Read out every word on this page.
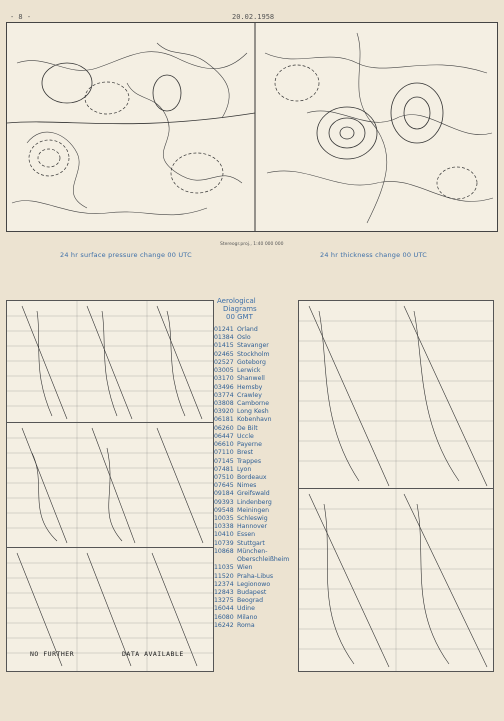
- 8 -	20.02.1958
Stereogr.proj., 1:40 000 000
24 hr surface pressure change 00 UTC	24 hr thickness change 00 UTC
NO FURTHER	DATA AVAILABLE
Aerological
Diagrams
00 GMT
01241 Orland
01384 Oslo
01415 Stavanger
02465 Stockholm
02527 Goteborg
03005 Lerwick
03170 Shanwell
03496 Hemsby
03774 Crawley
03808 Camborne
03920 Long Kesh
06181 Kobenhavn
06260 De Bilt
06447 Uccle
06610 Payerne
07110 Brest
07145 Trappes
07481 Lyon
07510 Bordeaux
07645 Nimes
09184 Greifswald
09393 Lindenberg
09548 Meiningen
10035 Schleswig
10338 Hannover
10410 Essen
10739 Stuttgart
10868 München-
Oberschleißheim
11035 Wien
11520 Praha-Libus
12374 Legionowo
12843 Budapest
13275 Beograd
16044 Udine
16080 Milano
16242 Roma
